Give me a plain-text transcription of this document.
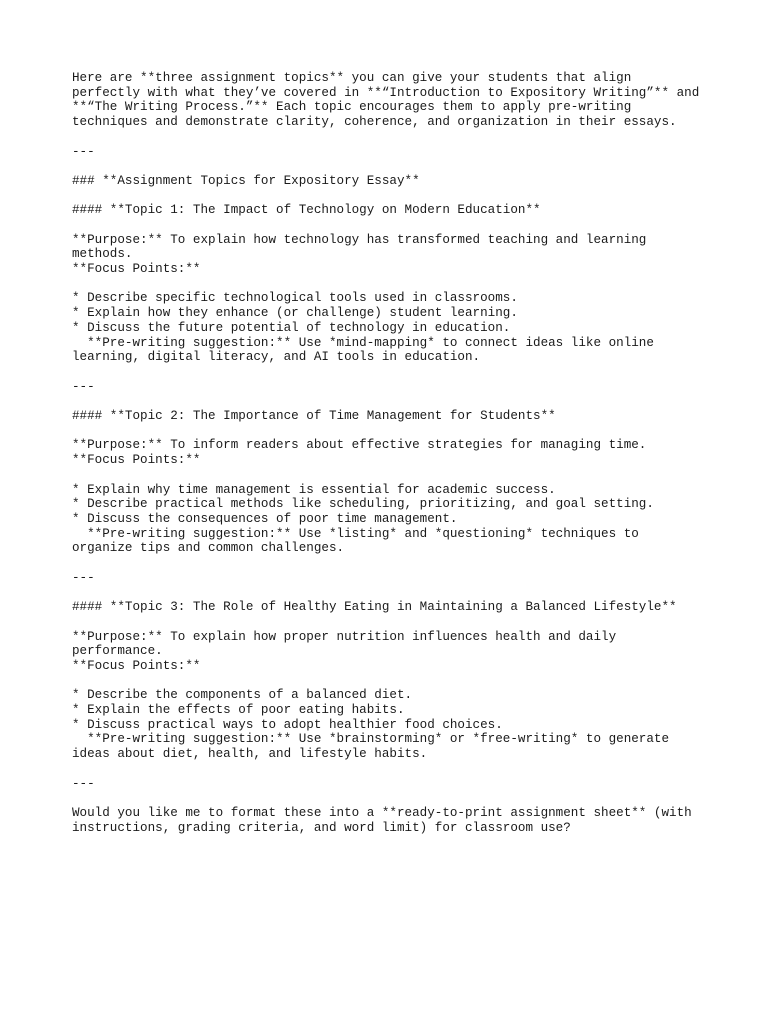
Here are **three assignment topics** you can give your students that align
perfectly with what they’ve covered in **“Introduction to Expository Writing”** and
**“The Writing Process.”** Each topic encourages them to apply pre-writing
techniques and demonstrate clarity, coherence, and organization in their essays.
---
### **Assignment Topics for Expository Essay**
#### **Topic 1: The Impact of Technology on Modern Education**
**Purpose:** To explain how technology has transformed teaching and learning
methods.
**Focus Points:**
* Describe specific technological tools used in classrooms.
* Explain how they enhance (or challenge) student learning.
* Discuss the future potential of technology in education.
**Pre-writing suggestion:** Use *mind-mapping* to connect ideas like online
learning, digital literacy, and AI tools in education.
---
#### **Topic 2: The Importance of Time Management for Students**
**Purpose:** To inform readers about effective strategies for managing time.
**Focus Points:**
* Explain why time management is essential for academic success.
* Describe practical methods like scheduling, prioritizing, and goal setting.
* Discuss the consequences of poor time management.
**Pre-writing suggestion:** Use *listing* and *questioning* techniques to
organize tips and common challenges.
---
#### **Topic 3: The Role of Healthy Eating in Maintaining a Balanced Lifestyle**
**Purpose:** To explain how proper nutrition influences health and daily
performance.
**Focus Points:**
* Describe the components of a balanced diet.
* Explain the effects of poor eating habits.
* Discuss practical ways to adopt healthier food choices.
**Pre-writing suggestion:** Use *brainstorming* or *free-writing* to generate
ideas about diet, health, and lifestyle habits.
---
Would you like me to format these into a **ready-to-print assignment sheet** (with
instructions, grading criteria, and word limit) for classroom use?
